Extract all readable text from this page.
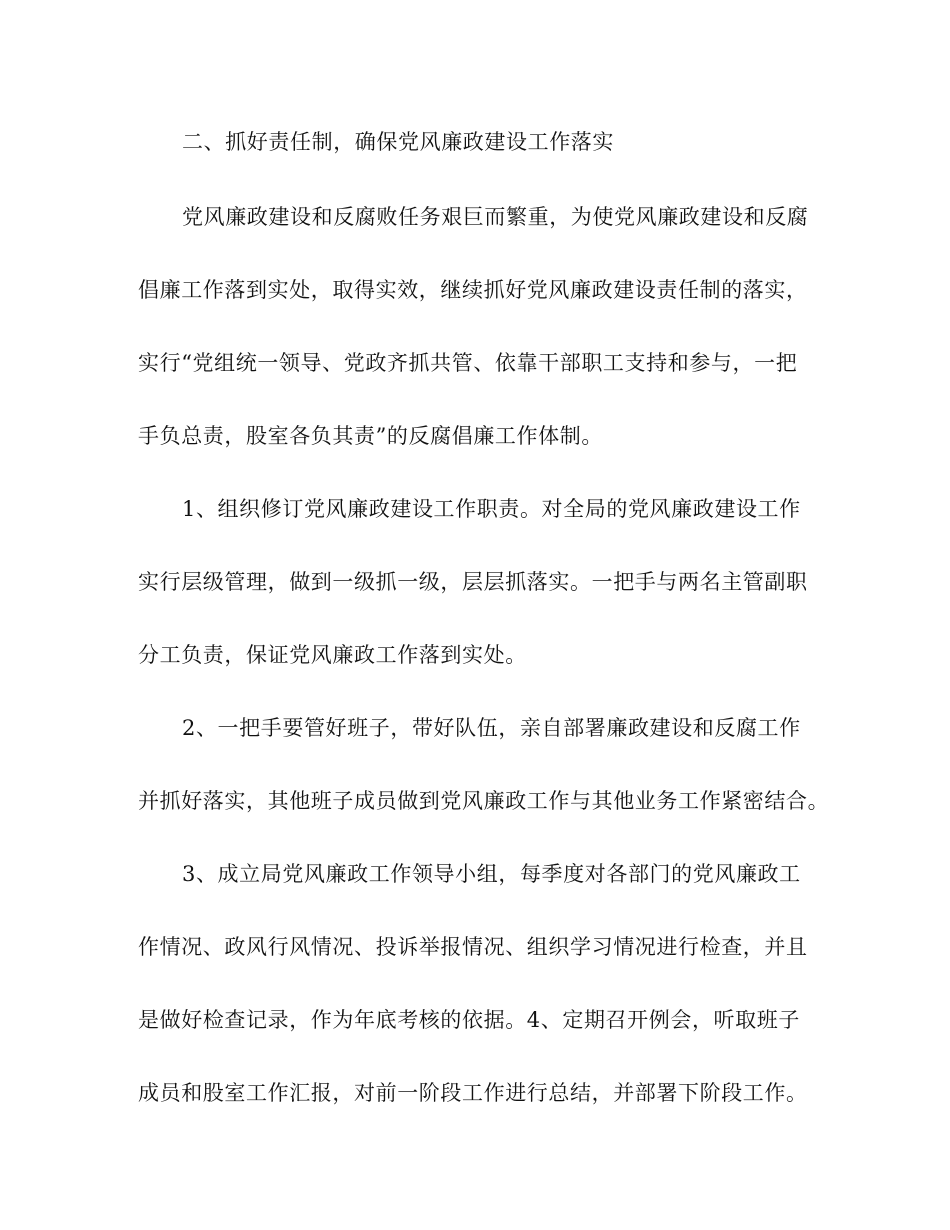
二、抓好责任制，确保党风廉政建设工作落实
党风廉政建设和反腐败任务艰巨而繁重，为使党风廉政建设和反腐
倡廉工作落到实处，取得实效，继续抓好党风廉政建设责任制的落实，
实行“党组统一领导、党政齐抓共管、依靠干部职工支持和参与，一把
手负总责，股室各负其责”的反腐倡廉工作体制。
1、组织修订党风廉政建设工作职责。对全局的党风廉政建设工作
实行层级管理，做到一级抓一级，层层抓落实。一把手与两名主管副职
分工负责，保证党风廉政工作落到实处。
2、一把手要管好班子，带好队伍，亲自部署廉政建设和反腐工作
并抓好落实，其他班子成员做到党风廉政工作与其他业务工作紧密结合。
3、成立局党风廉政工作领导小组，每季度对各部门的党风廉政工
作情况、政风行风情况、投诉举报情况、组织学习情况进行检查，并且
是做好检查记录，作为年底考核的依据。4、定期召开例会，听取班子
成员和股室工作汇报，对前一阶段工作进行总结，并部署下阶段工作。
